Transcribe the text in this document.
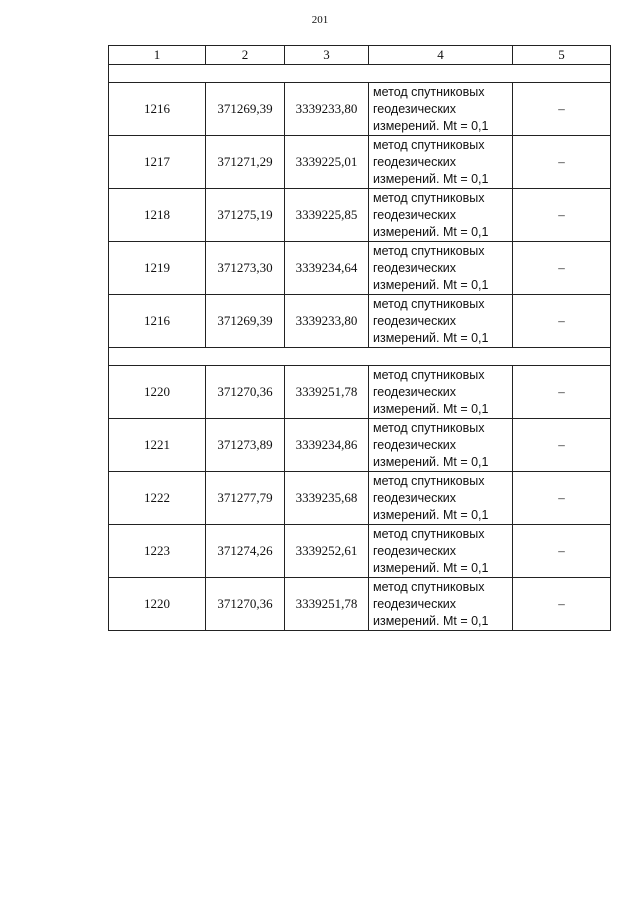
201
1	2	3	4	5

1216	371269,39	3339233,80	метод спутниковых
геодезических
измерений. Mt = 0,1	–
1217	371271,29	3339225,01	метод спутниковых
геодезических
измерений. Mt = 0,1	–
1218	371275,19	3339225,85	метод спутниковых
геодезических
измерений. Mt = 0,1	–
1219	371273,30	3339234,64	метод спутниковых
геодезических
измерений. Mt = 0,1	–
1216	371269,39	3339233,80	метод спутниковых
геодезических
измерений. Mt = 0,1	–

1220	371270,36	3339251,78	метод спутниковых
геодезических
измерений. Mt = 0,1	–
1221	371273,89	3339234,86	метод спутниковых
геодезических
измерений. Mt = 0,1	–
1222	371277,79	3339235,68	метод спутниковых
геодезических
измерений. Mt = 0,1	–
1223	371274,26	3339252,61	метод спутниковых
геодезических
измерений. Mt = 0,1	–
1220	371270,36	3339251,78	метод спутниковых
геодезических
измерений. Mt = 0,1	–
